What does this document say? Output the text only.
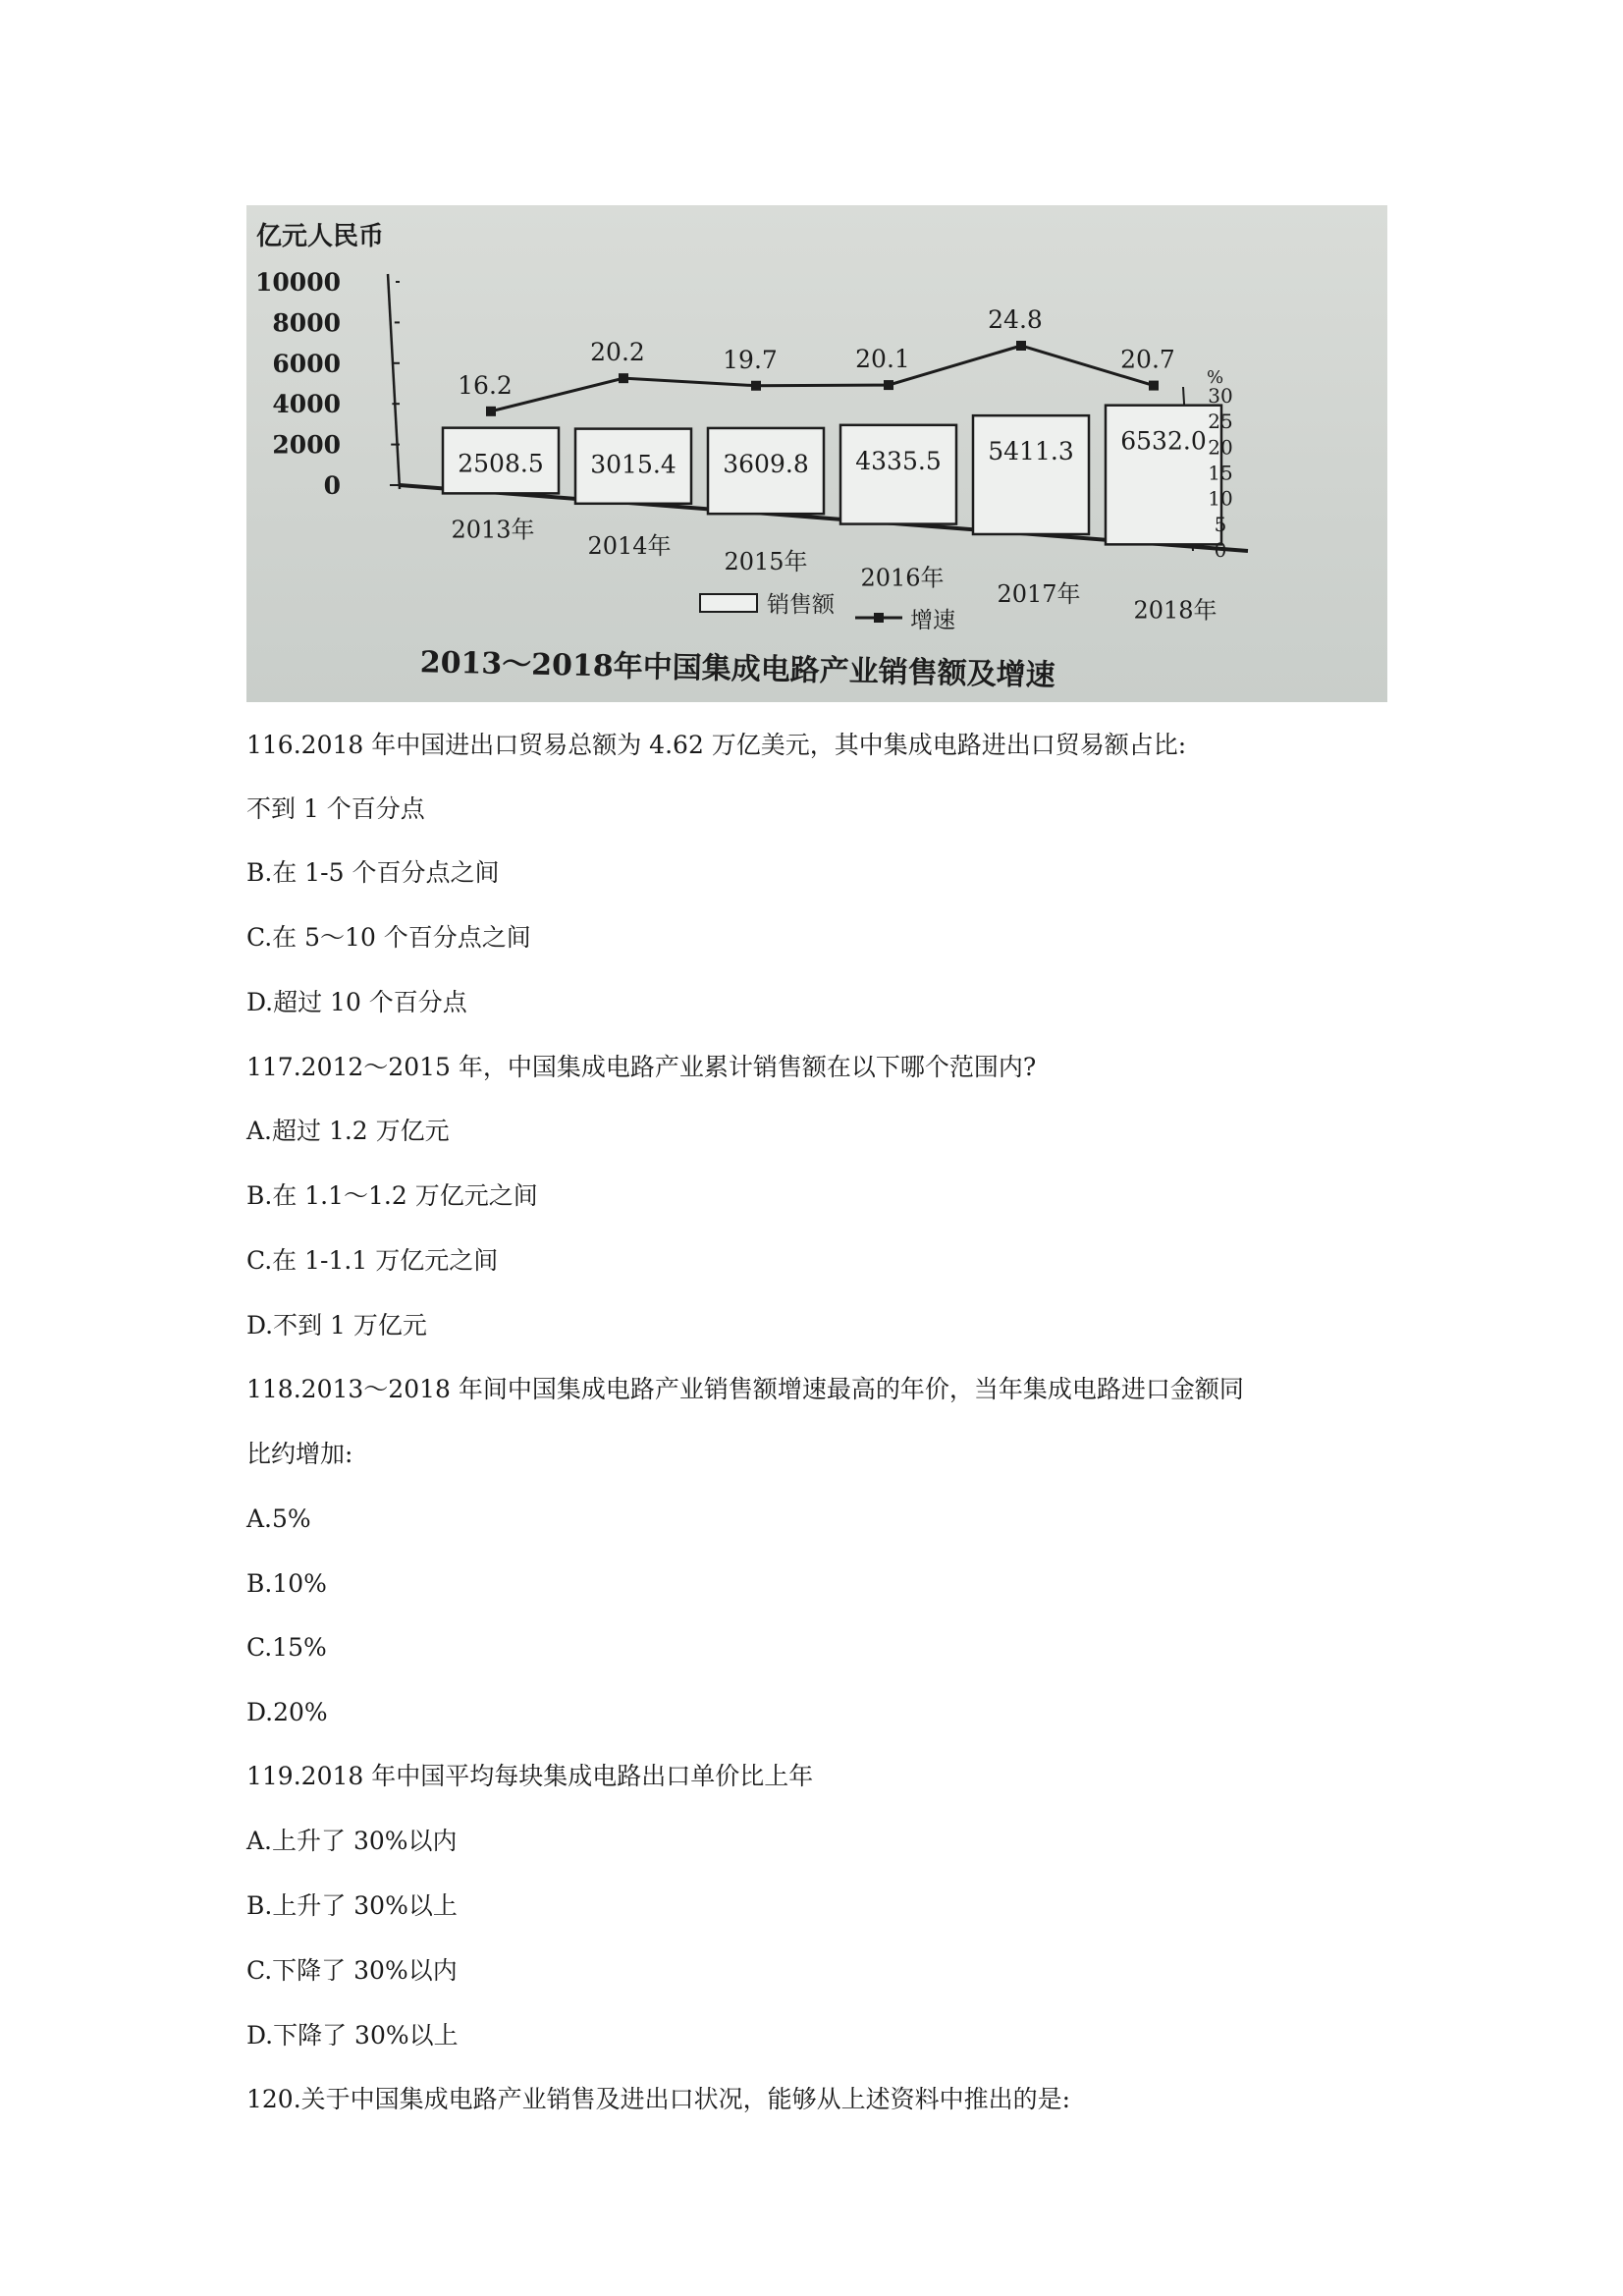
亿元人民币
0
2000
4000
6000
8000
10000
%
0
5
10
15
20
25
30
2508.5
2013年
3015.4
2014年
3609.8
2015年
4335.5
2016年
5411.3
2017年
6532.0
2018年
16.2
20.2	19.7	20.1
24.8
20.7
2013～2018年中国集成电路产业销售额及增速
销售额
增速
116.2018 年中国进出口贸易总额为 4.62 万亿美元，其中集成电路进出口贸易额占比:
不到 1 个百分点
B.在 1-5 个百分点之间
C.在 5～10 个百分点之间
D.超过 10 个百分点
117.2012～2015 年，中国集成电路产业累计销售额在以下哪个范围内?
A.超过 1.2 万亿元
B.在 1.1～1.2 万亿元之间
C.在 1-1.1 万亿元之间
D.不到 1 万亿元
118.2013～2018 年间中国集成电路产业销售额增速最高的年价，当年集成电路进口金额同
比约增加:
A.5%
B.10%
C.15%
D.20%
119.2018 年中国平均每块集成电路出口单价比上年
A.上升了 30%以内
B.上升了 30%以上
C.下降了 30%以内
D.下降了 30%以上
120.关于中国集成电路产业销售及进出口状况，能够从上述资料中推出的是:
